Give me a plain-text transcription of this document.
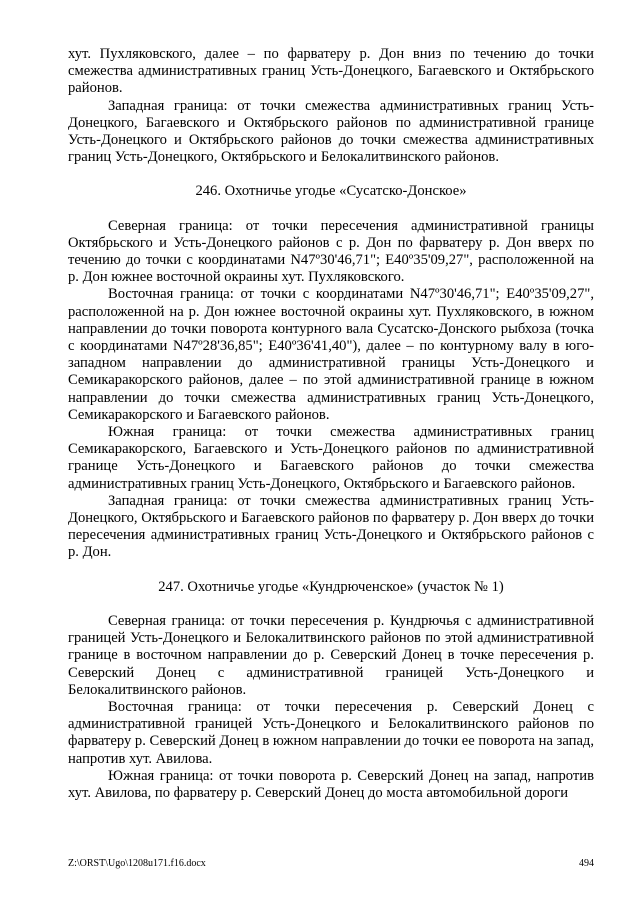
хут. Пухляковского, далее – по фарватеру р. Дон вниз по течению до точки смежества административных границ Усть-Донецкого, Багаевского и Октябрьского районов.

Западная граница: от точки смежества административных границ Усть-Донецкого, Багаевского и Октябрьского районов по административной границе Усть-Донецкого и Октябрьского районов до точки смежества административных границ Усть-Донецкого, Октябрьского и Белокалитвинского районов.

246. Охотничье угодье «Сусатско-Донское»

Северная граница: от точки пересечения административной границы Октябрьского и Усть-Донецкого районов с р. Дон по фарватеру р. Дон вверх по течению до точки с координатами N47º30'46,71"; E40º35'09,27", расположенной на р. Дон южнее восточной окраины хут. Пухляковского.

Восточная граница: от точки с координатами N47º30'46,71"; E40º35'09,27", расположенной на р. Дон южнее восточной окраины хут. Пухляковского, в южном направлении до точки поворота контурного вала Сусатско-Донского рыбхоза (точка с координатами N47º28'36,85"; E40º36'41,40"), далее – по контурному валу в юго-западном направлении до административной границы Усть-Донецкого и Семикаракорского районов, далее – по этой административной границе в южном направлении до точки смежества административных границ Усть-Донецкого, Семикаракорского и Багаевского районов.

Южная граница: от точки смежества административных границ Семикаракорского, Багаевского и Усть-Донецкого районов по административной границе Усть-Донецкого и Багаевского районов до точки смежества административных границ Усть-Донецкого, Октябрьского и Багаевского районов.

Западная граница: от точки смежества административных границ Усть-Донецкого, Октябрьского и Багаевского районов по фарватеру р. Дон вверх до точки пересечения административных границ Усть-Донецкого и Октябрьского районов с р. Дон.

247. Охотничье угодье «Кундрюченское» (участок № 1)

Северная граница: от точки пересечения р. Кундрючья с административной границей Усть-Донецкого и Белокалитвинского районов по этой административной границе в восточном направлении до р. Северский Донец в точке пересечения р. Северский Донец с административной границей Усть-Донецкого и Белокалитвинского районов.

Восточная граница: от точки пересечения р. Северский Донец с административной границей Усть-Донецкого и Белокалитвинского районов по фарватеру р. Северский Донец в южном направлении до точки ее поворота на запад, напротив хут. Авилова.

Южная граница: от точки поворота р. Северский Донец на запад, напротив хут. Авилова, по фарватеру р. Северский Донец до моста автомобильной дороги

Z:\ORST\Ugo\1208u171.f16.docx	494
